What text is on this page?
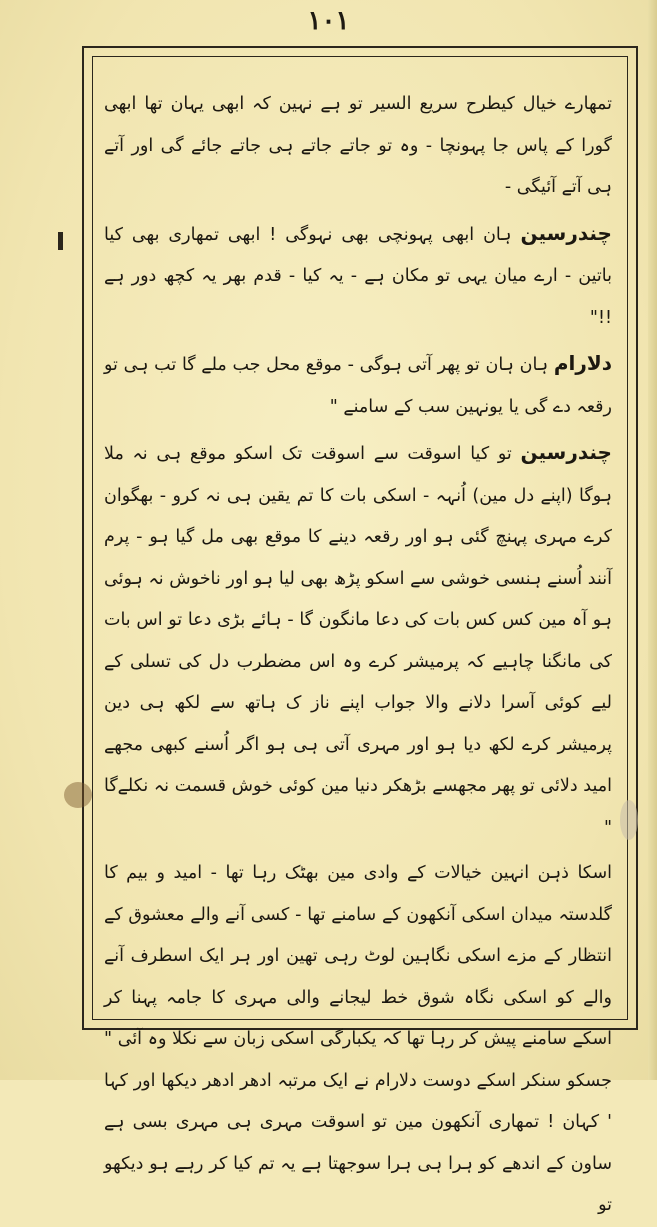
۱۰۱

تمھارے خیال کیطرح سریع السیر تو ہے نہین کہ ابھی یہان تھا ابھی گورا کے پاس جا پہونچا - وہ تو جاتے جاتے ہی جاتے جائے گی اور آتے ہی آتے آئیگی -

چندرسین ہان ابھی پہونچی بھی نہوگی ! ابھی تمھاری بھی کیا باتین - ارے میان یہی تو مکان ہے - یہ کیا - قدم بھر یہ کچھ دور ہے !!"

دلارام ہان ہان تو پھر آتی ہوگی - موقع محل جب ملے گا تب ہی تو رقعہ دے گی یا یونہین سب کے سامنے "

چندرسین تو کیا اسوقت سے اسوقت تک اسکو موقع ہی نہ ملا ہوگا (اپنے دل مین) اُنہہ - اسکی بات کا تم یقین ہی نہ کرو - بھگوان کرے مہری پہنچ گئی ہو اور رقعہ دینے کا موقع بھی مل گیا ہو - پرم آنند اُسنے ہنسی خوشی سے اسکو پڑھ بھی لیا ہو اور ناخوش نہ ہوئی ہو آہ مین کس کس بات کی دعا مانگون گا - ہائے بڑی دعا تو اس بات کی مانگنا چاہیے کہ پرمیشر کرے وہ اس مضطرب دل کی تسلی کے لیے کوئی آسرا دلانے والا جواب اپنے ناز ک ہاتھ سے لکھ ہی دین پرمیشر کرے لکھ دیا ہو اور مہری آتی ہی ہو اگر اُسنے کبھی مجھے امید دلائی تو پھر مجھسے بڑھکر دنیا مین کوئی خوش قسمت نہ نکلےگا "

اسکا ذہن انہین خیالات کے وادی مین بھٹک رہا تھا - امید و بیم کا گلدستہ میدان اسکی آنکھون کے سامنے تھا - کسی آنے والے معشوق کے انتظار کے مزے اسکی نگاہین لوٹ رہی تھین اور ہر ایک اسطرف آنے والے کو اسکی نگاہ شوق خط لیجانے والی مہری کا جامہ پہنا کر اسکے سامنے پیش کر رہا تھا کہ یکبارگی اسکی زبان سے نکلا وہ آئی " جسکو سنکر اسکے دوست دلارام نے ایک مرتبہ ادھر ادھر دیکھا اور کہا ' کہان ! تمھاری آنکھون مین تو اسوقت مہری ہی مہری بسی ہے ساون کے اندھے کو ہرا ہی ہرا سوجھتا ہے یہ تم کیا کر رہے ہو دیکھو تو
